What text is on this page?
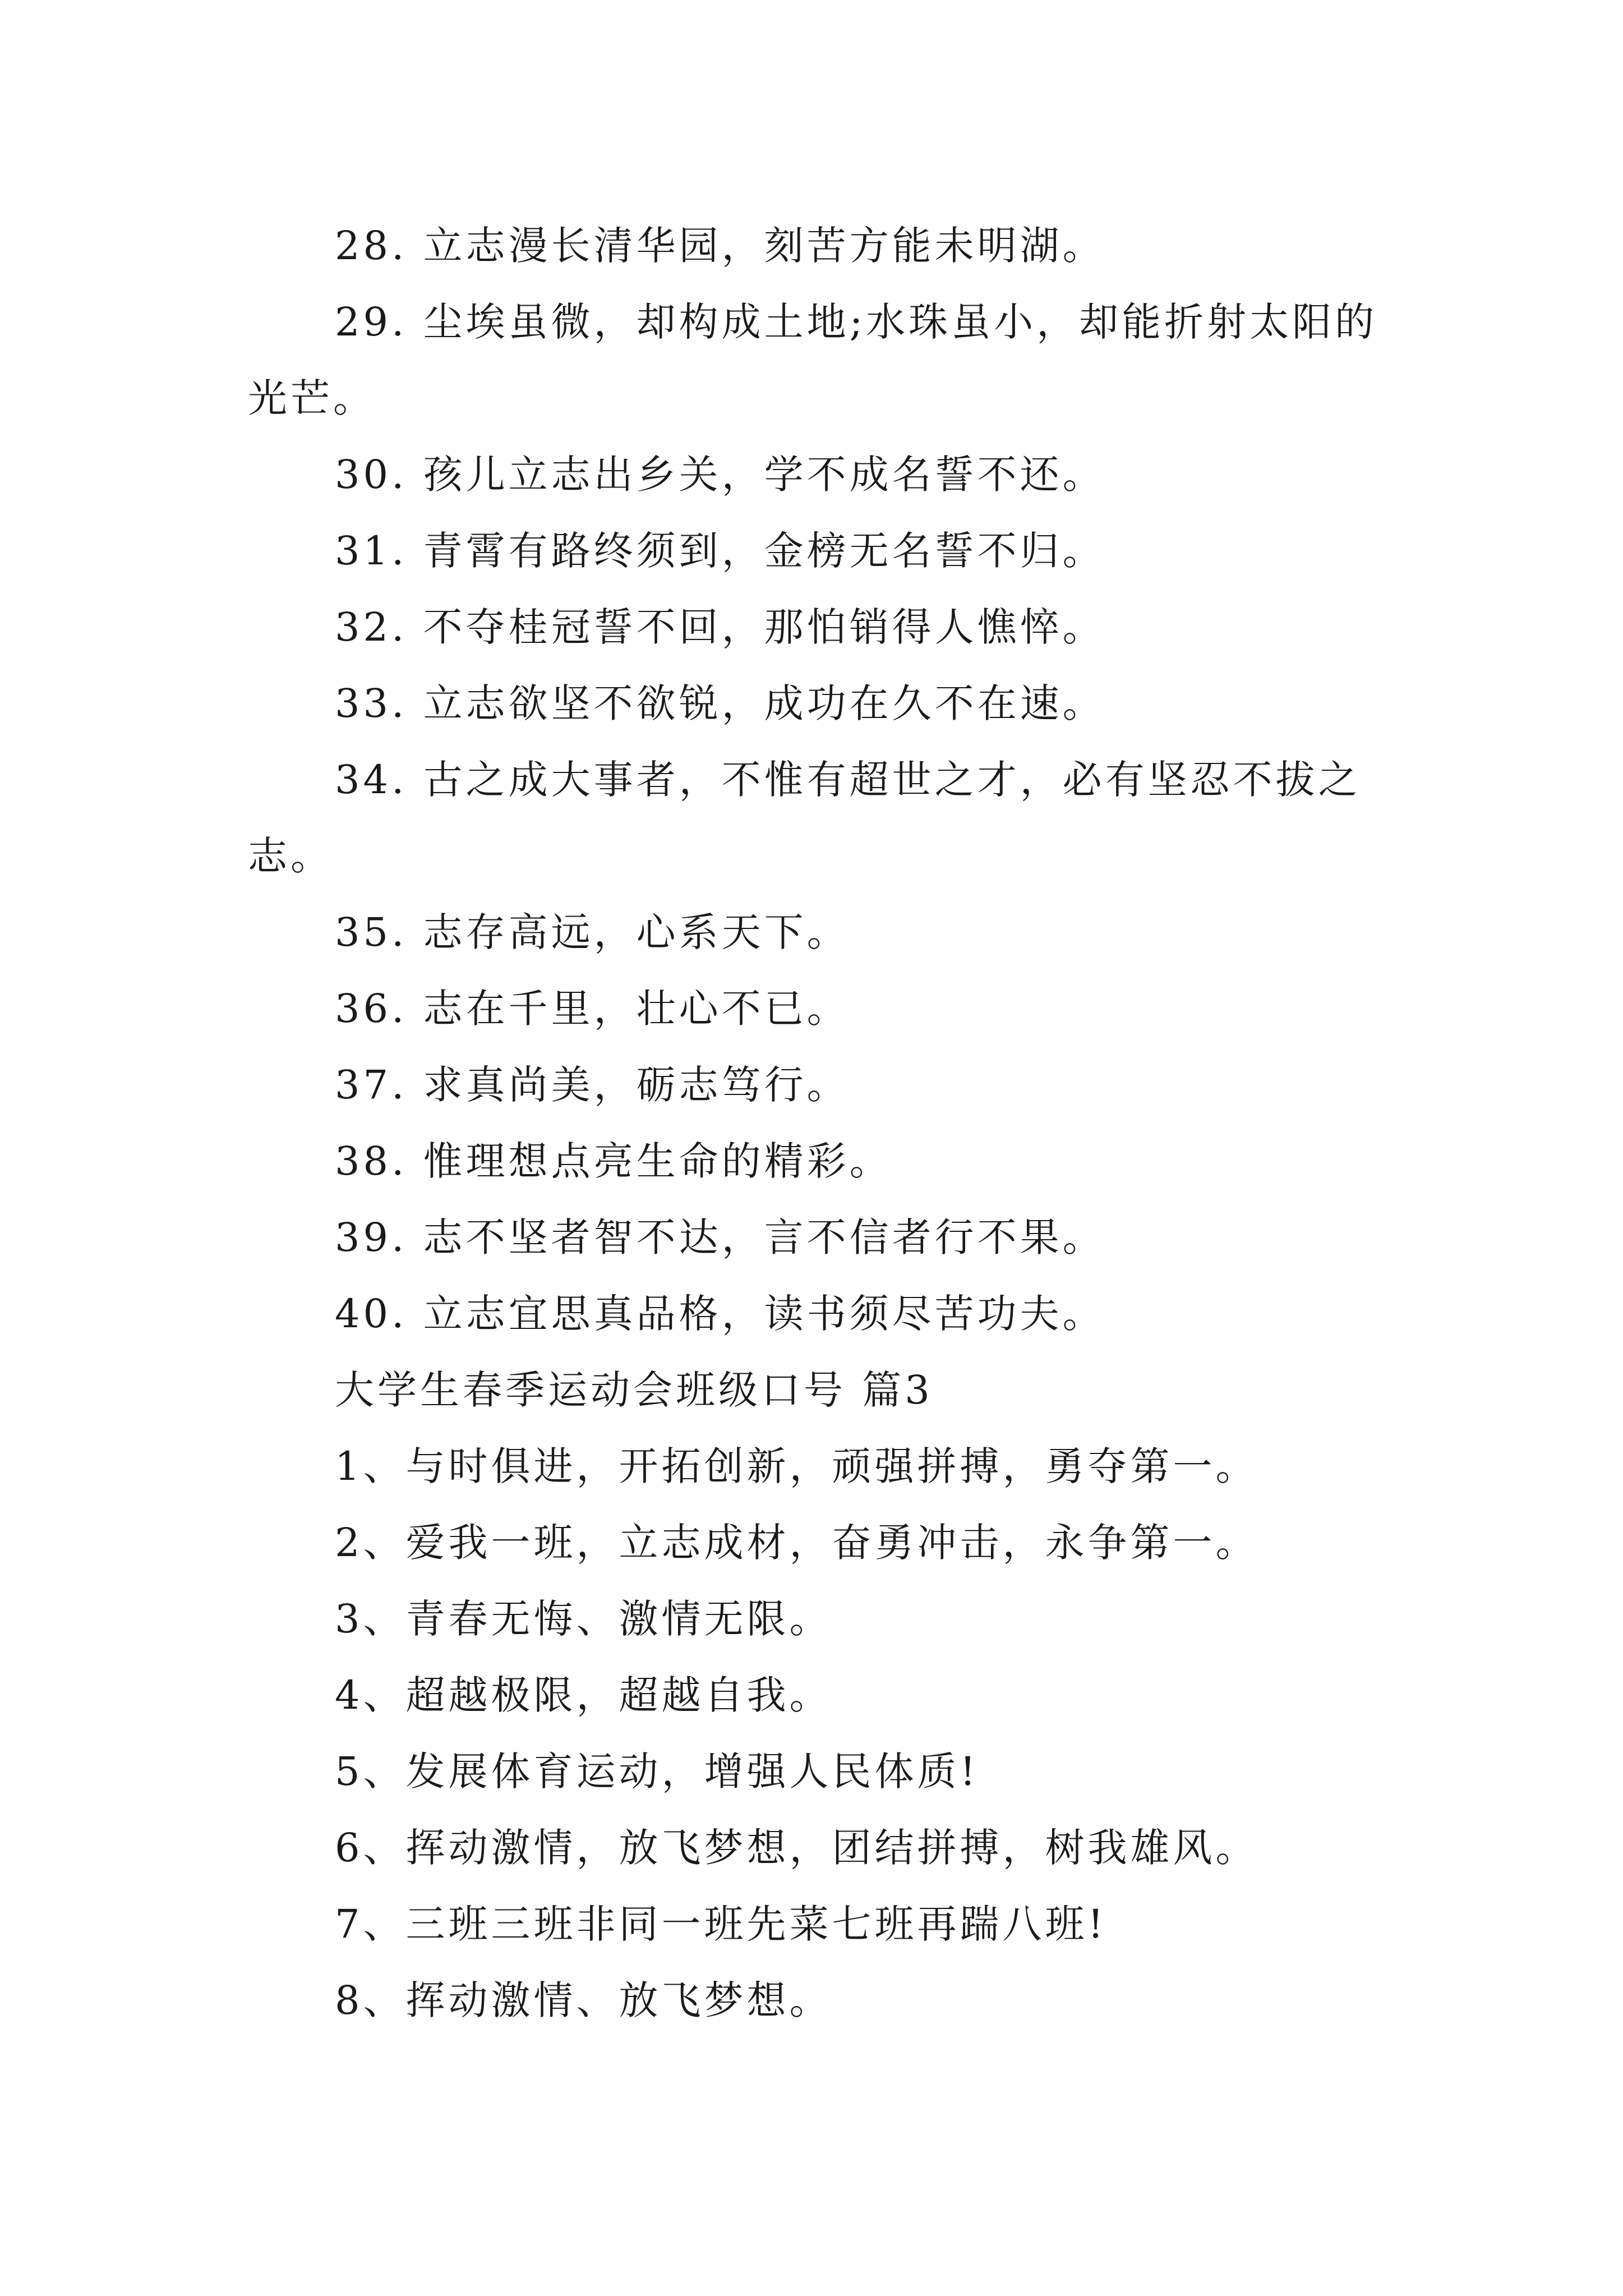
28. 立志漫长清华园，刻苦方能未明湖。

29. 尘埃虽微，却构成土地;水珠虽小，却能折射太阳的光芒。

30. 孩儿立志出乡关，学不成名誓不还。

31. 青霄有路终须到，金榜无名誓不归。

32. 不夺桂冠誓不回，那怕销得人憔悴。

33. 立志欲坚不欲锐，成功在久不在速。

34. 古之成大事者，不惟有超世之才，必有坚忍不拔之志。

35. 志存高远，心系天下。

36. 志在千里，壮心不已。

37. 求真尚美，砺志笃行。

38. 惟理想点亮生命的精彩。

39. 志不坚者智不达，言不信者行不果。

40. 立志宜思真品格，读书须尽苦功夫。

大学生春季运动会班级口号 篇3

1、与时俱进，开拓创新，顽强拼搏，勇夺第一。

2、爱我一班，立志成材，奋勇冲击，永争第一。

3、青春无悔、激情无限。

4、超越极限，超越自我。

5、发展体育运动，增强人民体质!

6、挥动激情，放飞梦想，团结拼搏，树我雄风。

7、三班三班非同一班先菜七班再踹八班!

8、挥动激情、放飞梦想。
